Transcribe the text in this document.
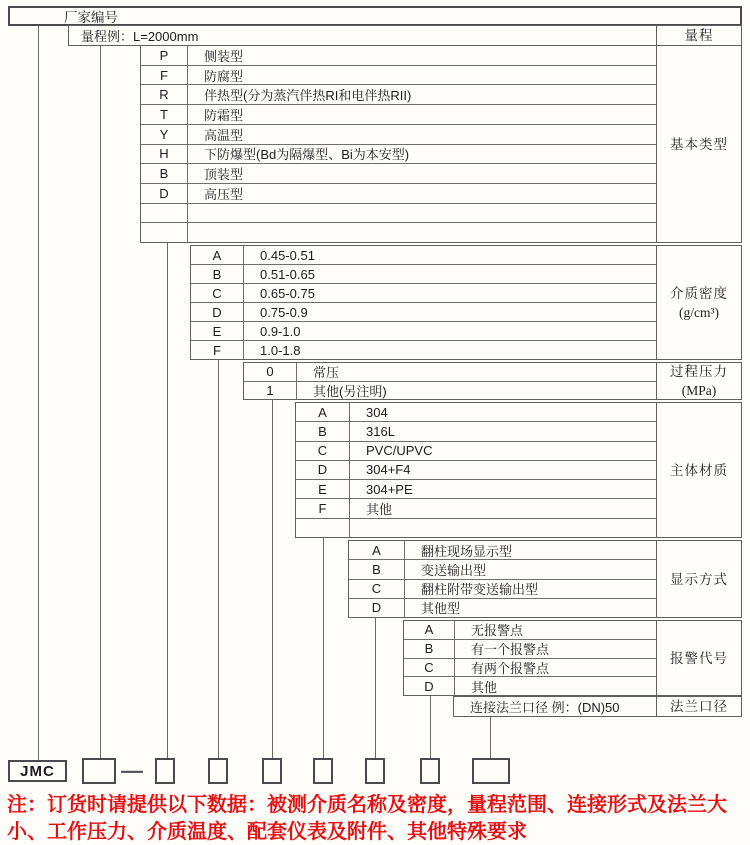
厂家编号
量程例：L=2000mm	量程
P	侧装型
F	防腐型
R	伴热型(分为蒸汽伴热RI和电伴热RII)
T	防霜型
Y	高温型
H	下防爆型(Bd为隔爆型、Bi为本安型)
B	顶装型
D	高压型
基本类型
A	0.45-0.51
B	0.51-0.65
C	0.65-0.75
D	0.75-0.9
E	0.9-1.0
F	1.0-1.8
介质密度
(g/cm³)
0	常压
1	其他(另注明)
过程压力
(MPa)
A	304
B	316L
C	PVC/UPVC
D	304+F4
E	304+PE
F	其他
主体材质
A	翻柱现场显示型
B	变送输出型
C	翻柱附带变送输出型
D	其他型
显示方式
A	无报警点
B	有一个报警点
C	有两个报警点
D	其他
报警代号
连接法兰口径 例：(DN)50	法兰口径
JMC	—
注：订货时请提供以下数据：被测介质名称及密度，量程范围、连接形式及法兰大小、工作压力、介质温度、配套仪表及附件、其他特殊要求
